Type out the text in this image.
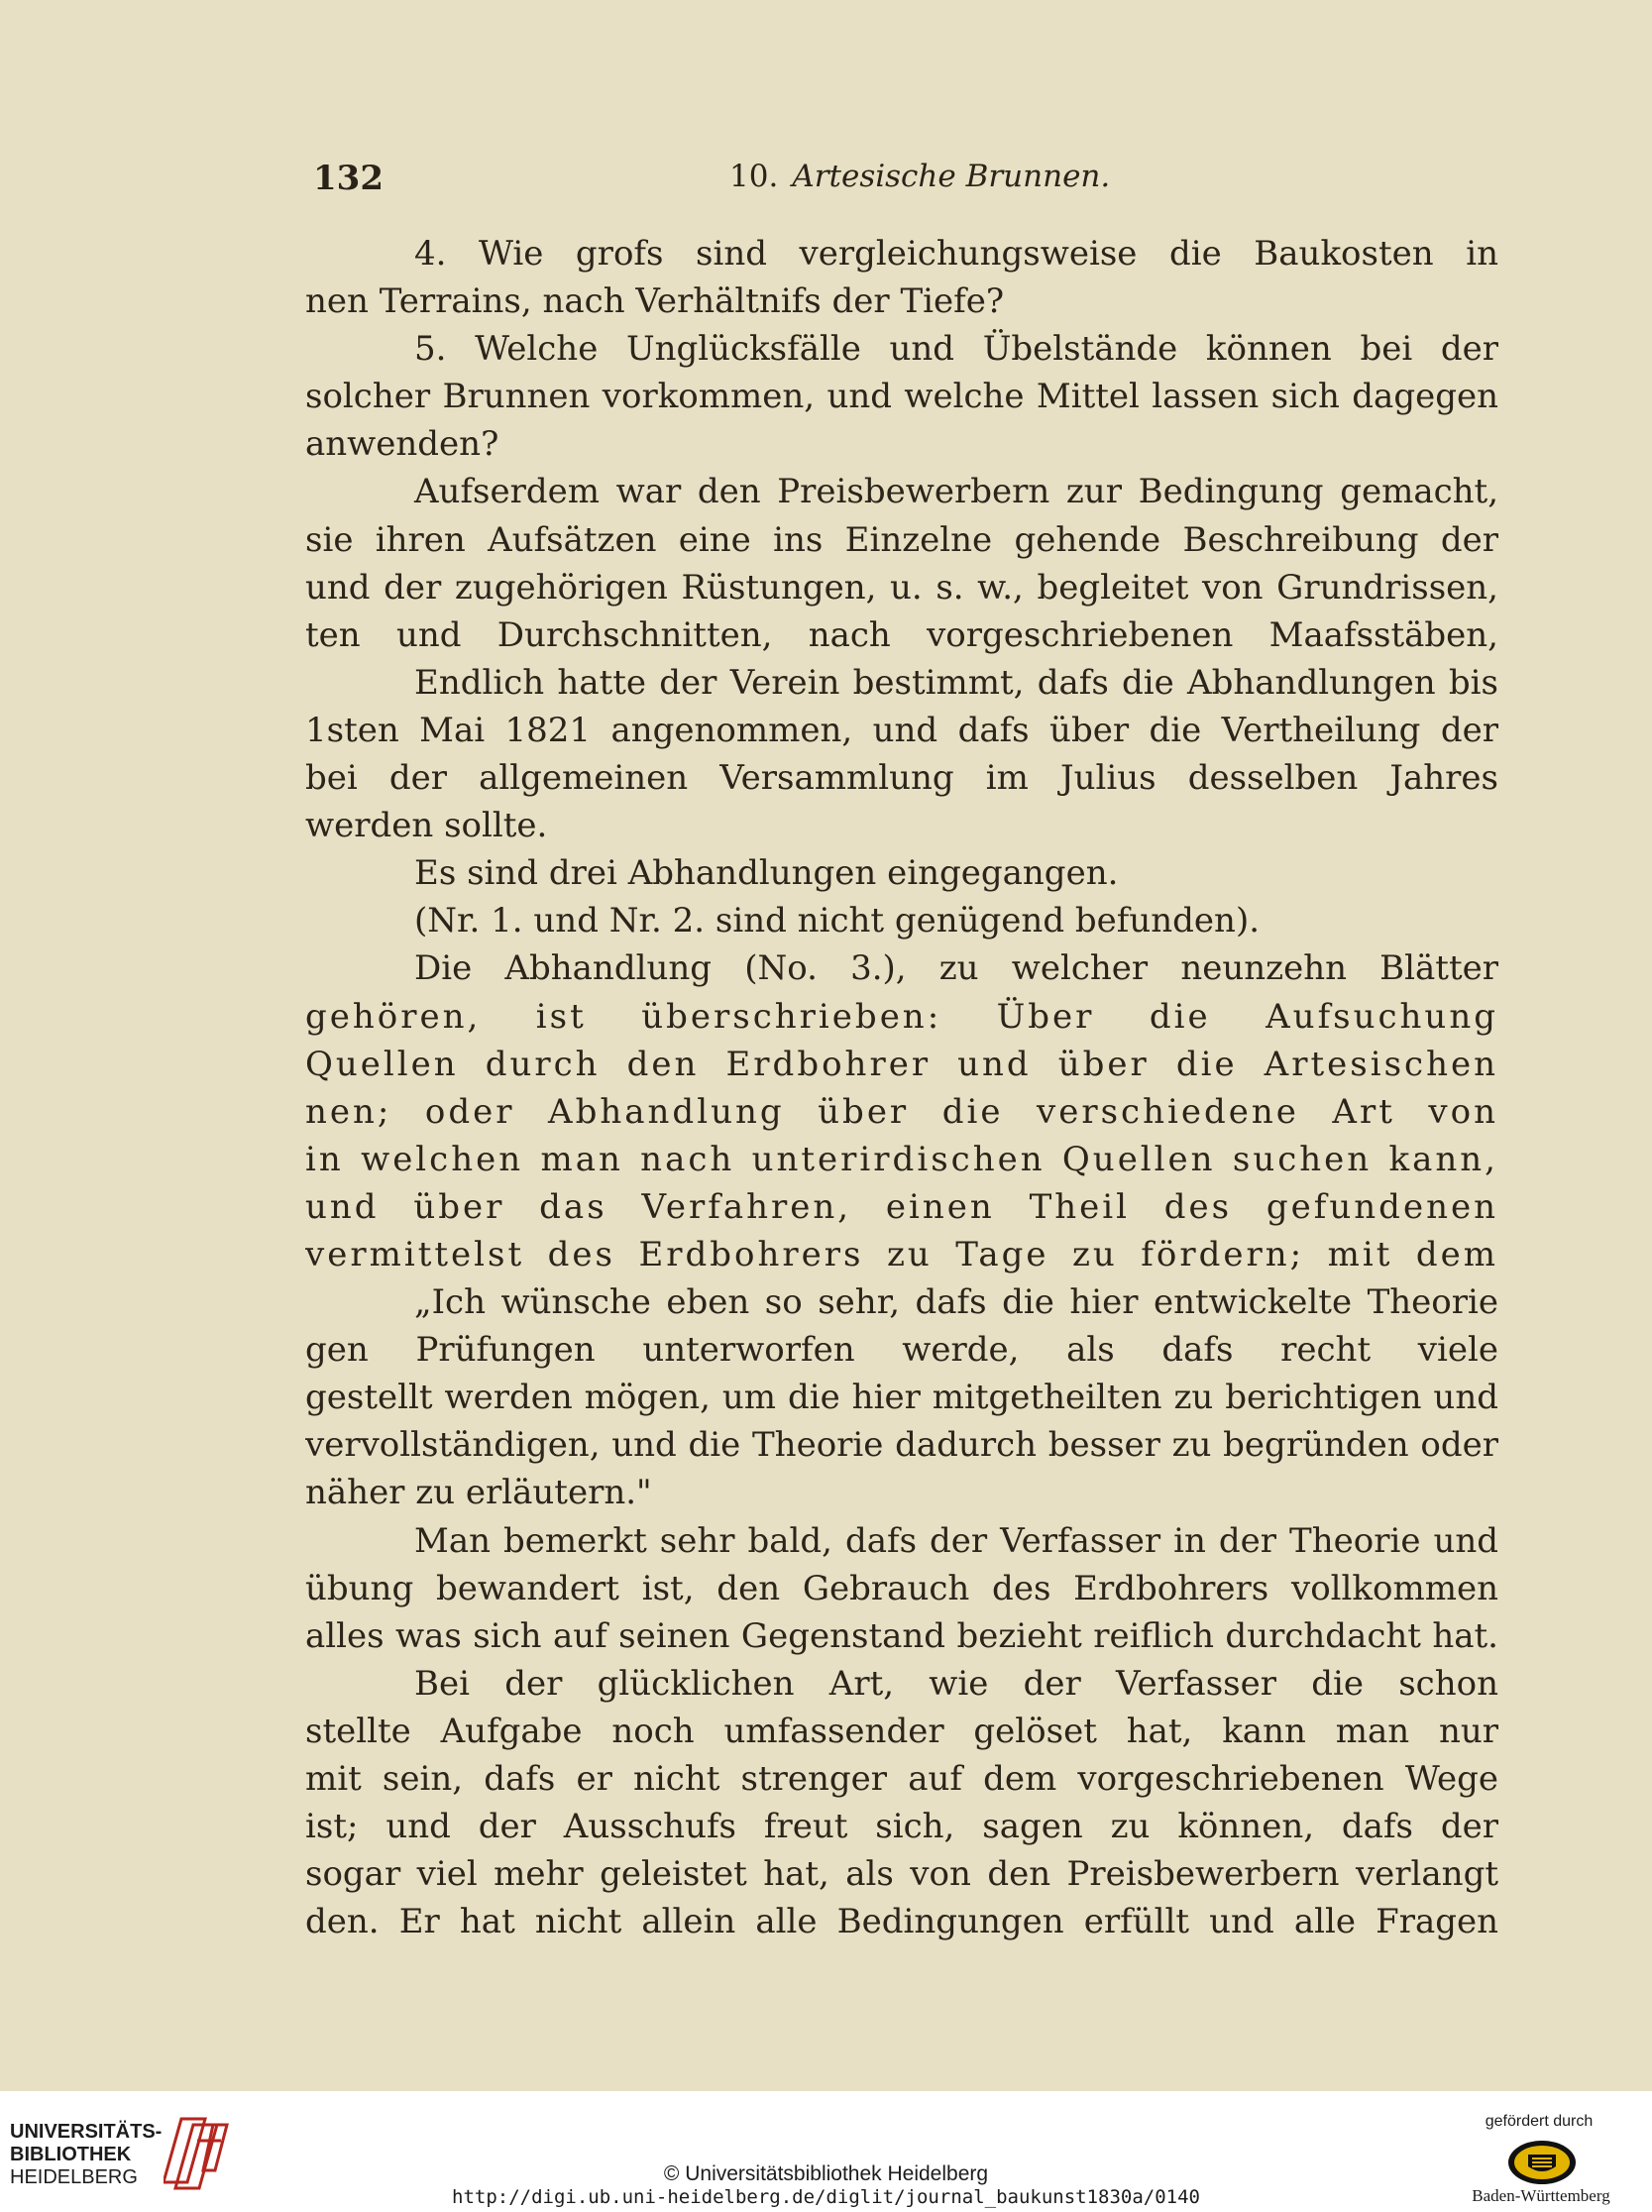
132	10. Artesische Brunnen.
4. Wie grofs sind vergleichungsweise die Baukosten in
nen Terrains, nach Verhältnifs der Tiefe?
5. Welche Unglücksfälle und Übelstände können bei der
solcher Brunnen vorkommen, und welche Mittel lassen sich dagegen
anwenden?
Aufserdem war den Preisbewerbern zur Bedingung gemacht,
sie ihren Aufsätzen eine ins Einzelne gehende Beschreibung der
und der zugehörigen Rüstungen, u. s. w., begleitet von Grundrissen,
ten und Durchschnitten, nach vorgeschriebenen Maafsstäben,
Endlich hatte der Verein bestimmt, dafs die Abhandlungen bis
1sten Mai 1821 angenommen, und dafs über die Vertheilung der
bei der allgemeinen Versammlung im Julius desselben Jahres
werden sollte.
Es sind drei Abhandlungen eingegangen.
(Nr. 1. und Nr. 2. sind nicht genügend befunden).
Die Abhandlung (No. 3.), zu welcher neunzehn Blätter
gehören, ist überschrieben: Über die Aufsuchung
Quellen durch den Erdbohrer und über die Artesischen
nen; oder Abhandlung über die verschiedene Art von
in welchen man nach unterirdischen Quellen suchen kann,
und über das Verfahren, einen Theil des gefundenen
vermittelst des Erdbohrers zu Tage zu fördern; mit dem
„Ich wünsche eben so sehr, dafs die hier entwickelte Theorie
gen Prüfungen unterworfen werde, als dafs recht viele
gestellt werden mögen, um die hier mitgetheilten zu berichtigen und
vervollständigen, und die Theorie dadurch besser zu begründen oder
näher zu erläutern."
Man bemerkt sehr bald, dafs der Verfasser in der Theorie und
übung bewandert ist, den Gebrauch des Erdbohrers vollkommen
alles was sich auf seinen Gegenstand bezieht reiflich durchdacht hat.
Bei der glücklichen Art, wie der Verfasser die schon
stellte Aufgabe noch umfassender gelöset hat, kann man nur
mit sein, dafs er nicht strenger auf dem vorgeschriebenen Wege
ist; und der Ausschufs freut sich, sagen zu können, dafs der
sogar viel mehr geleistet hat, als von den Preisbewerbern verlangt
den. Er hat nicht allein alle Bedingungen erfüllt und alle Fragen
UNIVERSITÄTS-
BIBLIOTHEK
HEIDELBERG	© Universitätsbibliothek Heidelberg
http://digi.ub.uni-heidelberg.de/diglit/journal_baukunst1830a/0140
gefördert durch
Baden-Württemberg
